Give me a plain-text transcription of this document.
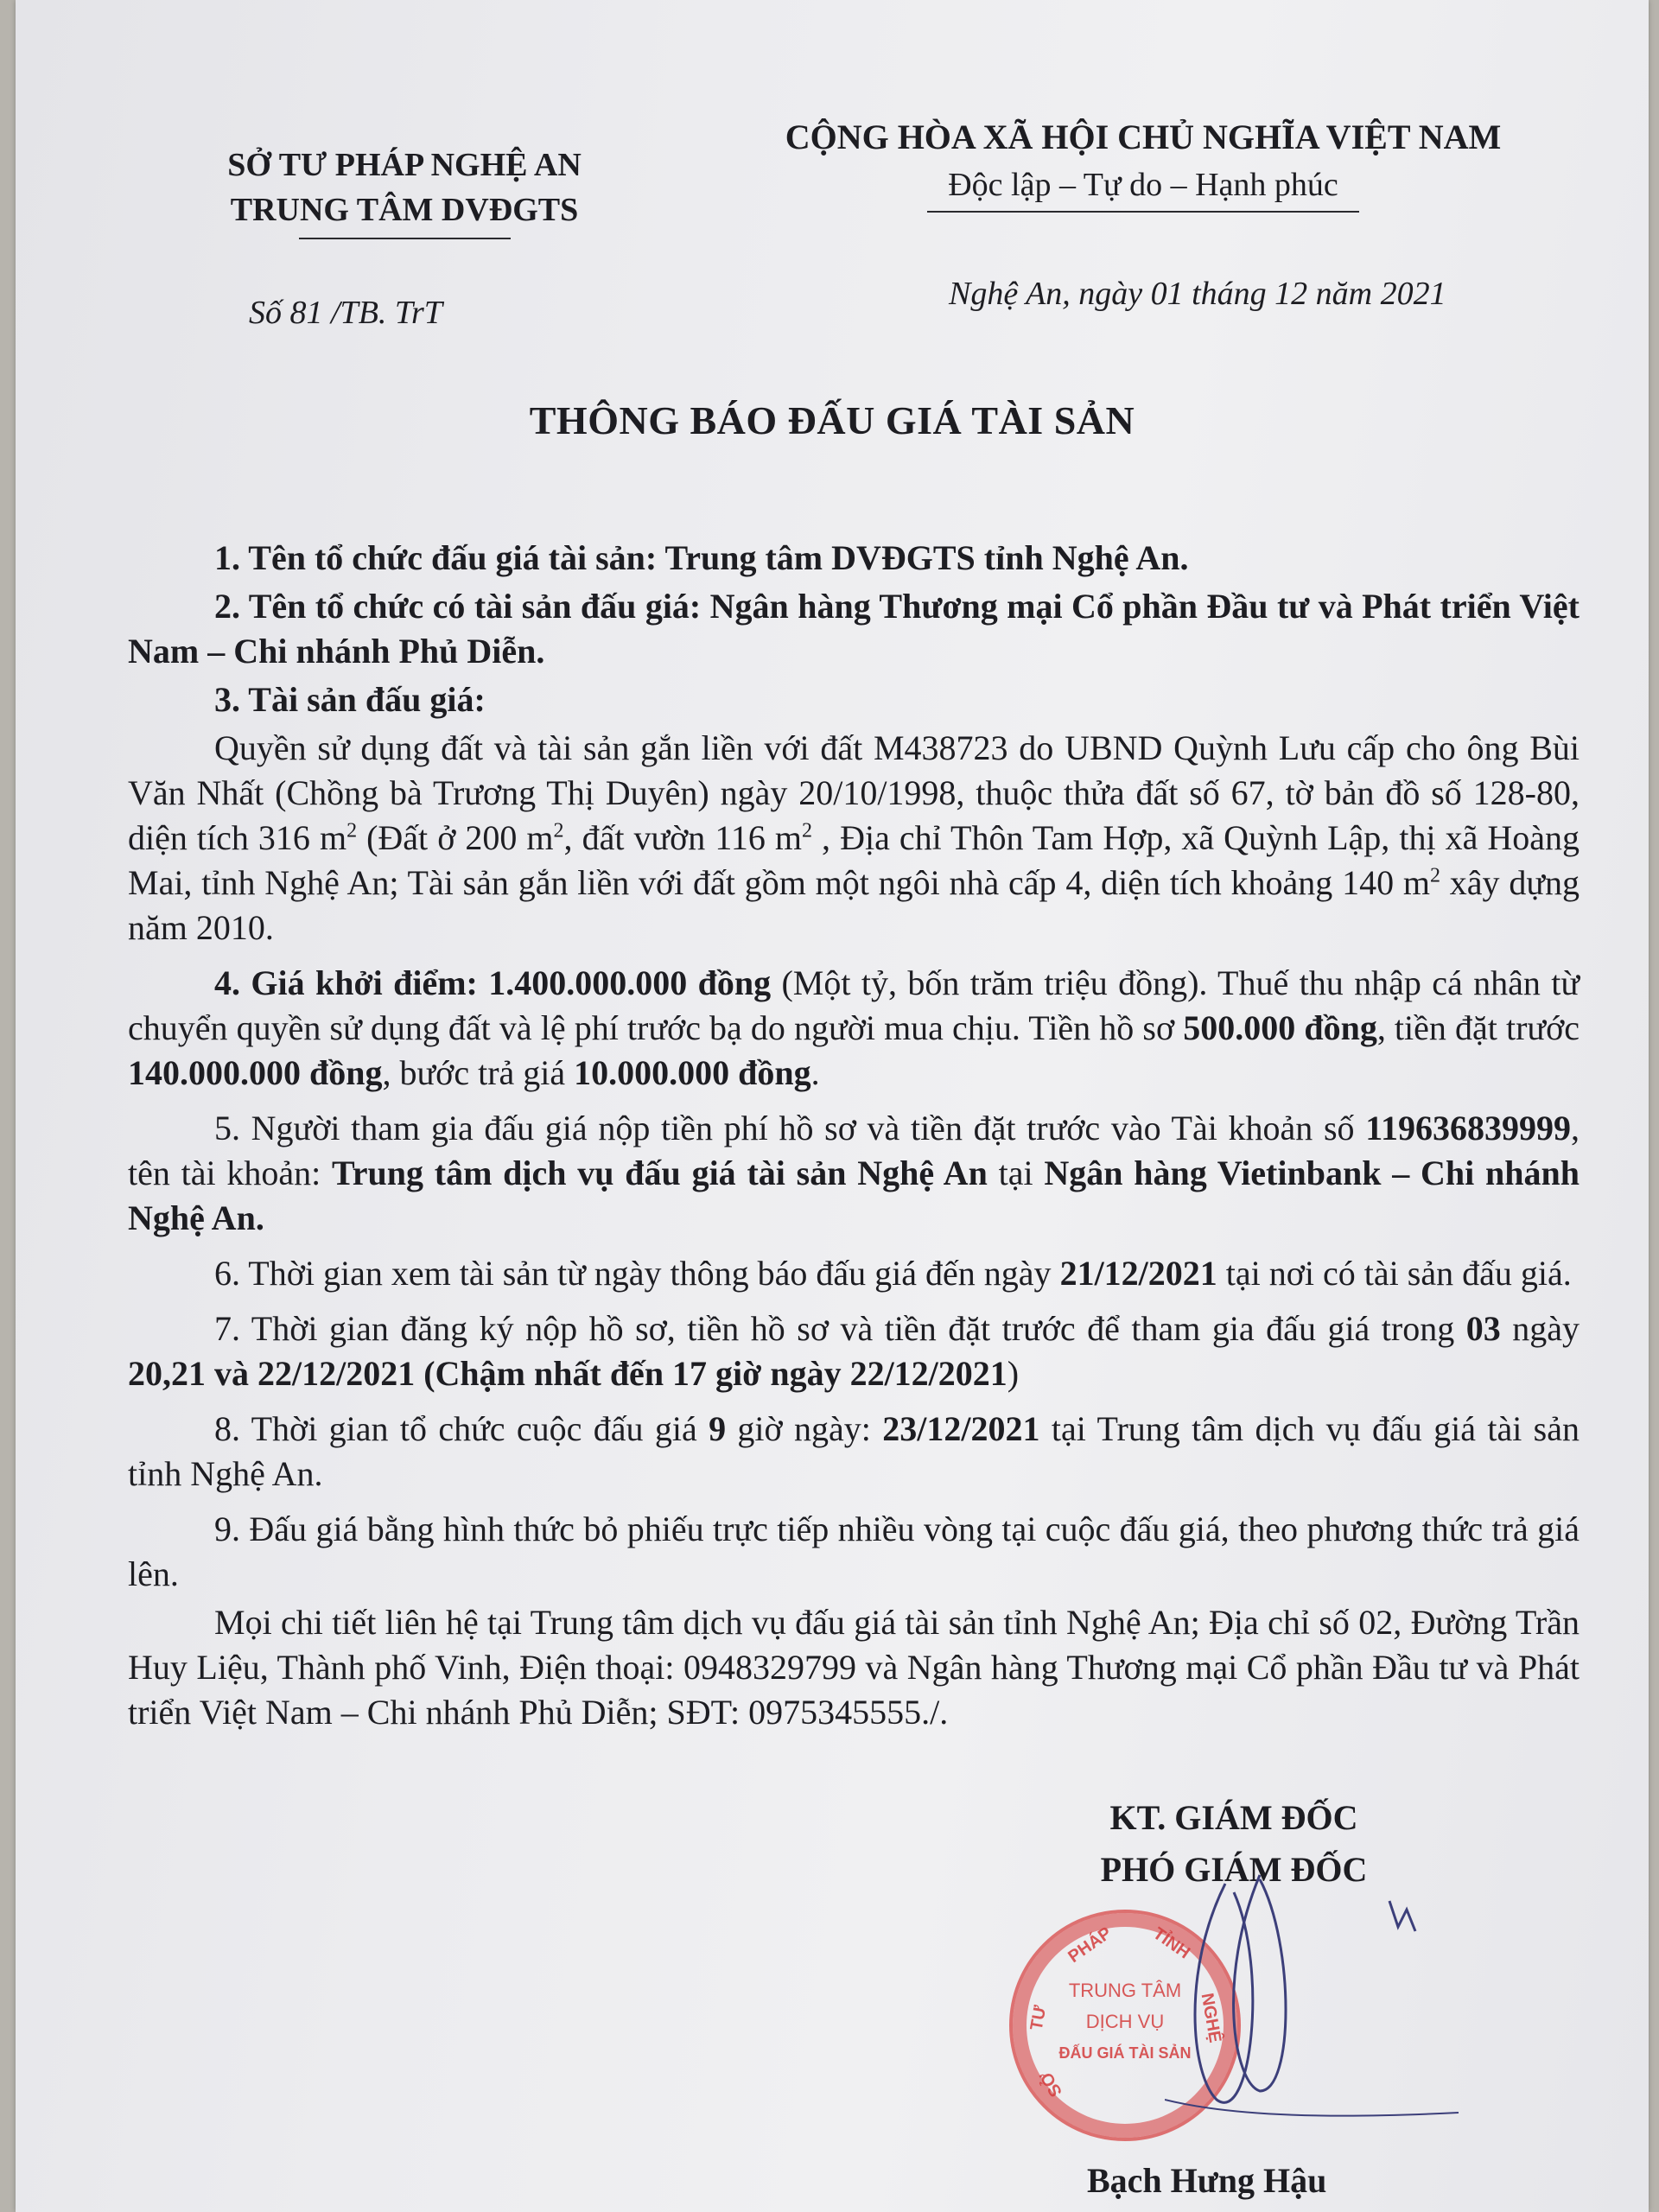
SỞ TƯ PHÁP NGHỆ AN
TRUNG TÂM DVĐGTS
CỘNG HÒA XÃ HỘI CHỦ NGHĨA VIỆT NAM
Độc lập – Tự do – Hạnh phúc
Số 81 /TB. TrT
Nghệ An, ngày 01 tháng 12 năm 2021
THÔNG BÁO ĐẤU GIÁ TÀI SẢN

1. Tên tổ chức đấu giá tài sản: Trung tâm DVĐGTS tỉnh Nghệ An.

2. Tên tổ chức có tài sản đấu giá: Ngân hàng Thương mại Cổ phần Đầu tư và Phát triển Việt Nam – Chi nhánh Phủ Diễn.

3. Tài sản đấu giá:

Quyền sử dụng đất và tài sản gắn liền với đất M438723 do UBND Quỳnh Lưu cấp cho ông Bùi Văn Nhất (Chồng bà Trương Thị Duyên) ngày 20/10/1998, thuộc thửa đất số 67, tờ bản đồ số 128-80, diện tích 316 $m^2$ (Đất ở 200 $m^2$, đất vườn 116 $m^2$ , Địa chỉ Thôn Tam Hợp, xã Quỳnh Lập, thị xã Hoàng Mai, tỉnh Nghệ An; Tài sản gắn liền với đất gồm một ngôi nhà cấp 4, diện tích khoảng 140 $m^2$ xây dựng năm 2010.

4. Giá khởi điểm: 1.400.000.000 đồng (Một tỷ, bốn trăm triệu đồng). Thuế thu nhập cá nhân từ chuyển quyền sử dụng đất và lệ phí trước bạ do người mua chịu. Tiền hồ sơ 500.000 đồng, tiền đặt trước 140.000.000 đồng, bước trả giá 10.000.000 đồng.

5. Người tham gia đấu giá nộp tiền phí hồ sơ và tiền đặt trước vào Tài khoản số 119636839999, tên tài khoản: Trung tâm dịch vụ đấu giá tài sản Nghệ An tại Ngân hàng Vietinbank – Chi nhánh Nghệ An.

6. Thời gian xem tài sản từ ngày thông báo đấu giá đến ngày 21/12/2021 tại nơi có tài sản đấu giá.

7. Thời gian đăng ký nộp hồ sơ, tiền hồ sơ và tiền đặt trước để tham gia đấu giá trong 03 ngày 20,21 và 22/12/2021 (Chậm nhất đến 17 giờ ngày 22/12/2021)

8. Thời gian tổ chức cuộc đấu giá 9 giờ ngày: 23/12/2021 tại Trung tâm dịch vụ đấu giá tài sản tỉnh Nghệ An.

9. Đấu giá bằng hình thức bỏ phiếu trực tiếp nhiều vòng tại cuộc đấu giá, theo phương thức trả giá lên.

Mọi chi tiết liên hệ tại Trung tâm dịch vụ đấu giá tài sản tỉnh Nghệ An; Địa chỉ số 02, Đường Trần Huy Liệu, Thành phố Vinh, Điện thoại: 0948329799 và Ngân hàng Thương mại Cổ phần Đầu tư và Phát triển Việt Nam – Chi nhánh Phủ Diễn; SĐT: 0975345555./.

KT. GIÁM ĐỐC
PHÓ GIÁM ĐỐC
PHÁP TỈNH
TƯ	NGHỆ
SỞ
TRUNG TÂM
DỊCH VỤ
ĐẤU GIÁ TÀI SẢN
Bạch Hưng Hậu
